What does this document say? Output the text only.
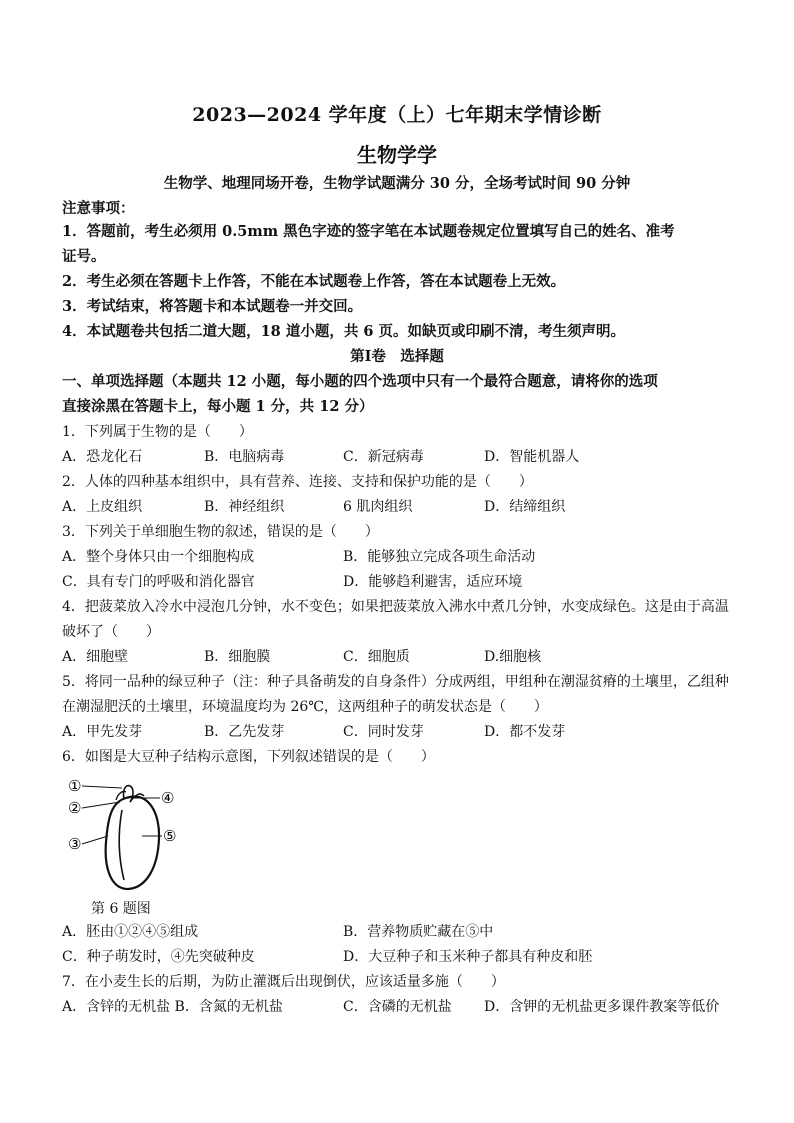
2023—2024 学年度（上）七年期末学情诊断
生物学学
生物学、地理同场开卷，生物学试题满分 30 分，全场考试时间 90 分钟
注意事项：
1．答题前，考生必须用 0.5mm 黑色字迹的签字笔在本试题卷规定位置填写自己的姓名、准考
证号。
2．考生必须在答题卡上作答，不能在本试题卷上作答，答在本试题卷上无效。
3．考试结束，将答题卡和本试题卷一并交回。
4．本试题卷共包括二道大题，18 道小题，共 6 页。如缺页或印刷不清，考生须声明。
第Ⅰ卷　选择题
一、单项选择题（本题共 12 小题，每小题的四个选项中只有一个最符合题意，请将你的选项
直接涂黑在答题卡上，每小题 1 分，共 12 分）
1．下列属于生物的是（　　）
A．恐龙化石	B．电脑病毒	C．新冠病毒	D．智能机器人
2．人体的四种基本组织中，具有营养、连接、支持和保护功能的是（　　）
A．上皮组织	B．神经组织	6 肌肉组织	D．结缔组织
3．下列关于单细胞生物的叙述，错误的是（　　）
A．整个身体只由一个细胞构成	B．能够独立完成各项生命活动
C．具有专门的呼吸和消化器官	D．能够趋利避害，适应环境
4．把菠菜放入冷水中浸泡几分钟，水不变色；如果把菠菜放入沸水中煮几分钟，水变成绿色。这是由于高温
破坏了（　　）
A．细胞壁	B．细胞膜	C．细胞质	D.细胞核
5．将同一品种的绿豆种子（注：种子具备萌发的自身条件）分成两组，甲组种在潮湿贫瘠的土壤里，乙组种
在潮湿肥沃的土壤里，环境温度均为 26℃，这两组种子的萌发状态是（　　）
A．甲先发芽	B．乙先发芽	C．同时发芽	D．都不发芽
6．如图是大豆种子结构示意图，下列叙述错误的是（　　）
①
②
③
④
⑤
第 6 题图
A．胚由①②④⑤组成	B．营养物质贮藏在⑤中
C．种子萌发时，④先突破种皮	D．大豆种子和玉米种子都具有种皮和胚
7．在小麦生长的后期，为防止灌溉后出现倒伏，应该适量多施（　　）
A．含锌的无机盐 B．含氮的无机盐	C．含磷的无机盐 D．含钾的无机盐更多课件教案等低价
